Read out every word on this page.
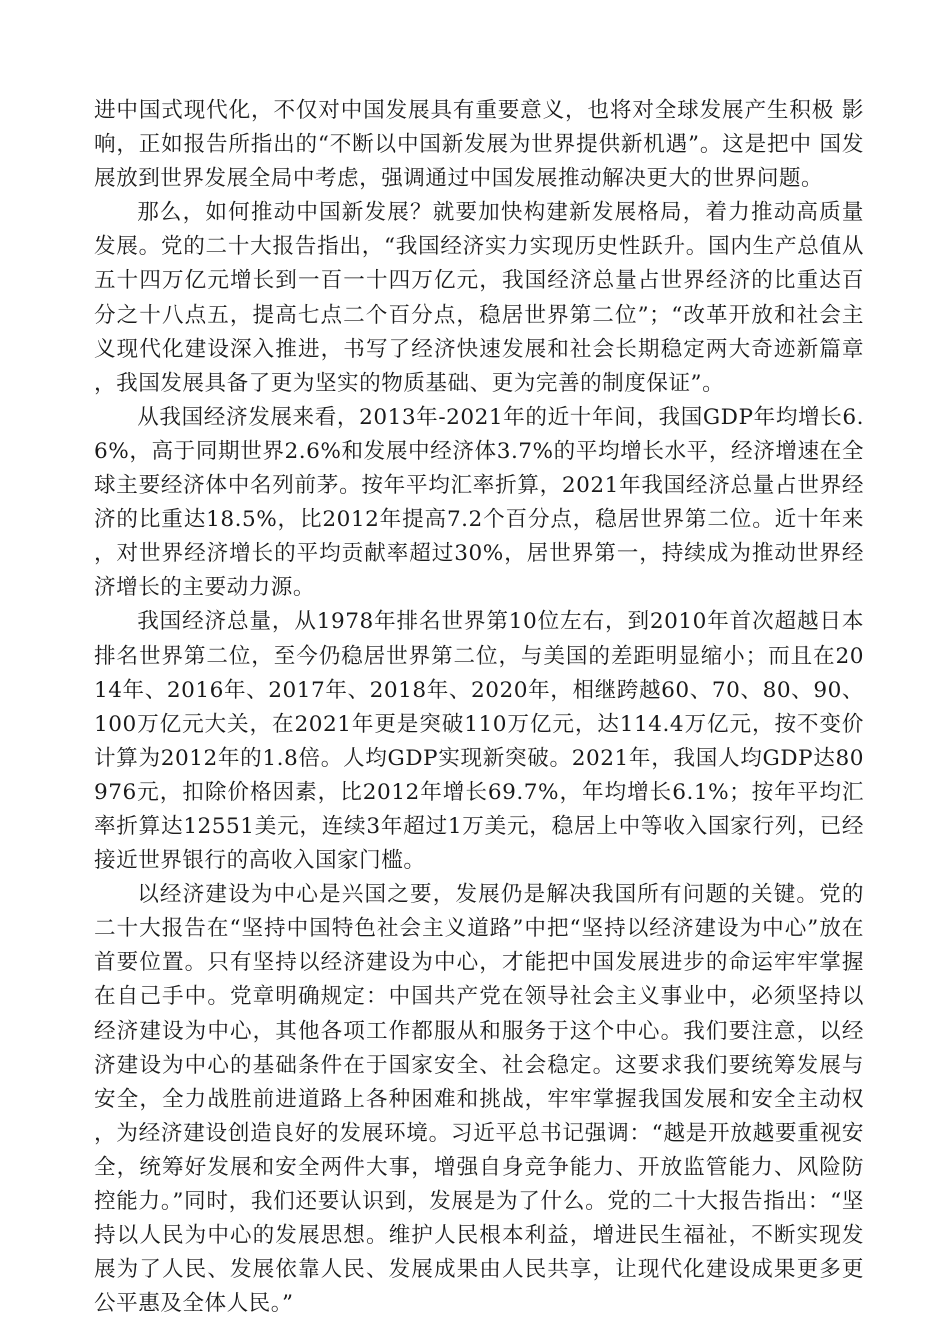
进中国式现代化，不仅对中国发展具有重要意义，也将对全球发展产生积极 影响，正如报告所指出的“不断以中国新发展为世界提供新机遇”。这是把中 国发展放到世界发展全局中考虑，强调通过中国发展推动解决更大的世界问题。

那么，如何推动中国新发展？就要加快构建新发展格局，着力推动高质量发展。党的二十大报告指出，“我国经济实力实现历史性跃升。国内生产总值从五十四万亿元增长到一百一十四万亿元，我国经济总量占世界经济的比重达百分之十八点五，提高七点二个百分点，稳居世界第二位”；“改革开放和社会主义现代化建设深入推进，书写了经济快速发展和社会长期稳定两大奇迹新篇章，我国发展具备了更为坚实的物质基础、更为完善的制度保证”。

从我国经济发展来看，2013年-2021年的近十年间，我国GDP年均增长6.6%，高于同期世界2.6%和发展中经济体3.7%的平均增长水平，经济增速在全球主要经济体中名列前茅。按年平均汇率折算，2021年我国经济总量占世界经济的比重达18.5%，比2012年提高7.2个百分点，稳居世界第二位。近十年来，对世界经济增长的平均贡献率超过30%，居世界第一，持续成为推动世界经济增长的主要动力源。

我国经济总量，从1978年排名世界第10位左右，到2010年首次超越日本排名世界第二位，至今仍稳居世界第二位，与美国的差距明显缩小；而且在2014年、2016年、2017年、2018年、2020年，相继跨越60、70、80、90、100万亿元大关，在2021年更是突破110万亿元，达114.4万亿元，按不变价计算为2012年的1.8倍。人均GDP实现新突破。2021年，我国人均GDP达80976元，扣除价格因素，比2012年增长69.7%，年均增长6.1%；按年平均汇率折算达12551美元，连续3年超过1万美元，稳居上中等收入国家行列，已经接近世界银行的高收入国家门槛。

以经济建设为中心是兴国之要，发展仍是解决我国所有问题的关键。党的二十大报告在“坚持中国特色社会主义道路”中把“坚持以经济建设为中心”放在首要位置。只有坚持以经济建设为中心，才能把中国发展进步的命运牢牢掌握在自己手中。党章明确规定：中国共产党在领导社会主义事业中，必须坚持以经济建设为中心，其他各项工作都服从和服务于这个中心。我们要注意，以经济建设为中心的基础条件在于国家安全、社会稳定。这要求我们要统筹发展与安全，全力战胜前进道路上各种困难和挑战，牢牢掌握我国发展和安全主动权，为经济建设创造良好的发展环境。习近平总书记强调：“越是开放越要重视安全，统筹好发展和安全两件大事，增强自身竞争能力、开放监管能力、风险防控能力。”同时，我们还要认识到，发展是为了什么。党的二十大报告指出：“坚持以人民为中心的发展思想。维护人民根本利益，增进民生福祉，不断实现发展为了人民、发展依靠人民、发展成果由人民共享，让现代化建设成果更多更公平惠及全体人民。”
